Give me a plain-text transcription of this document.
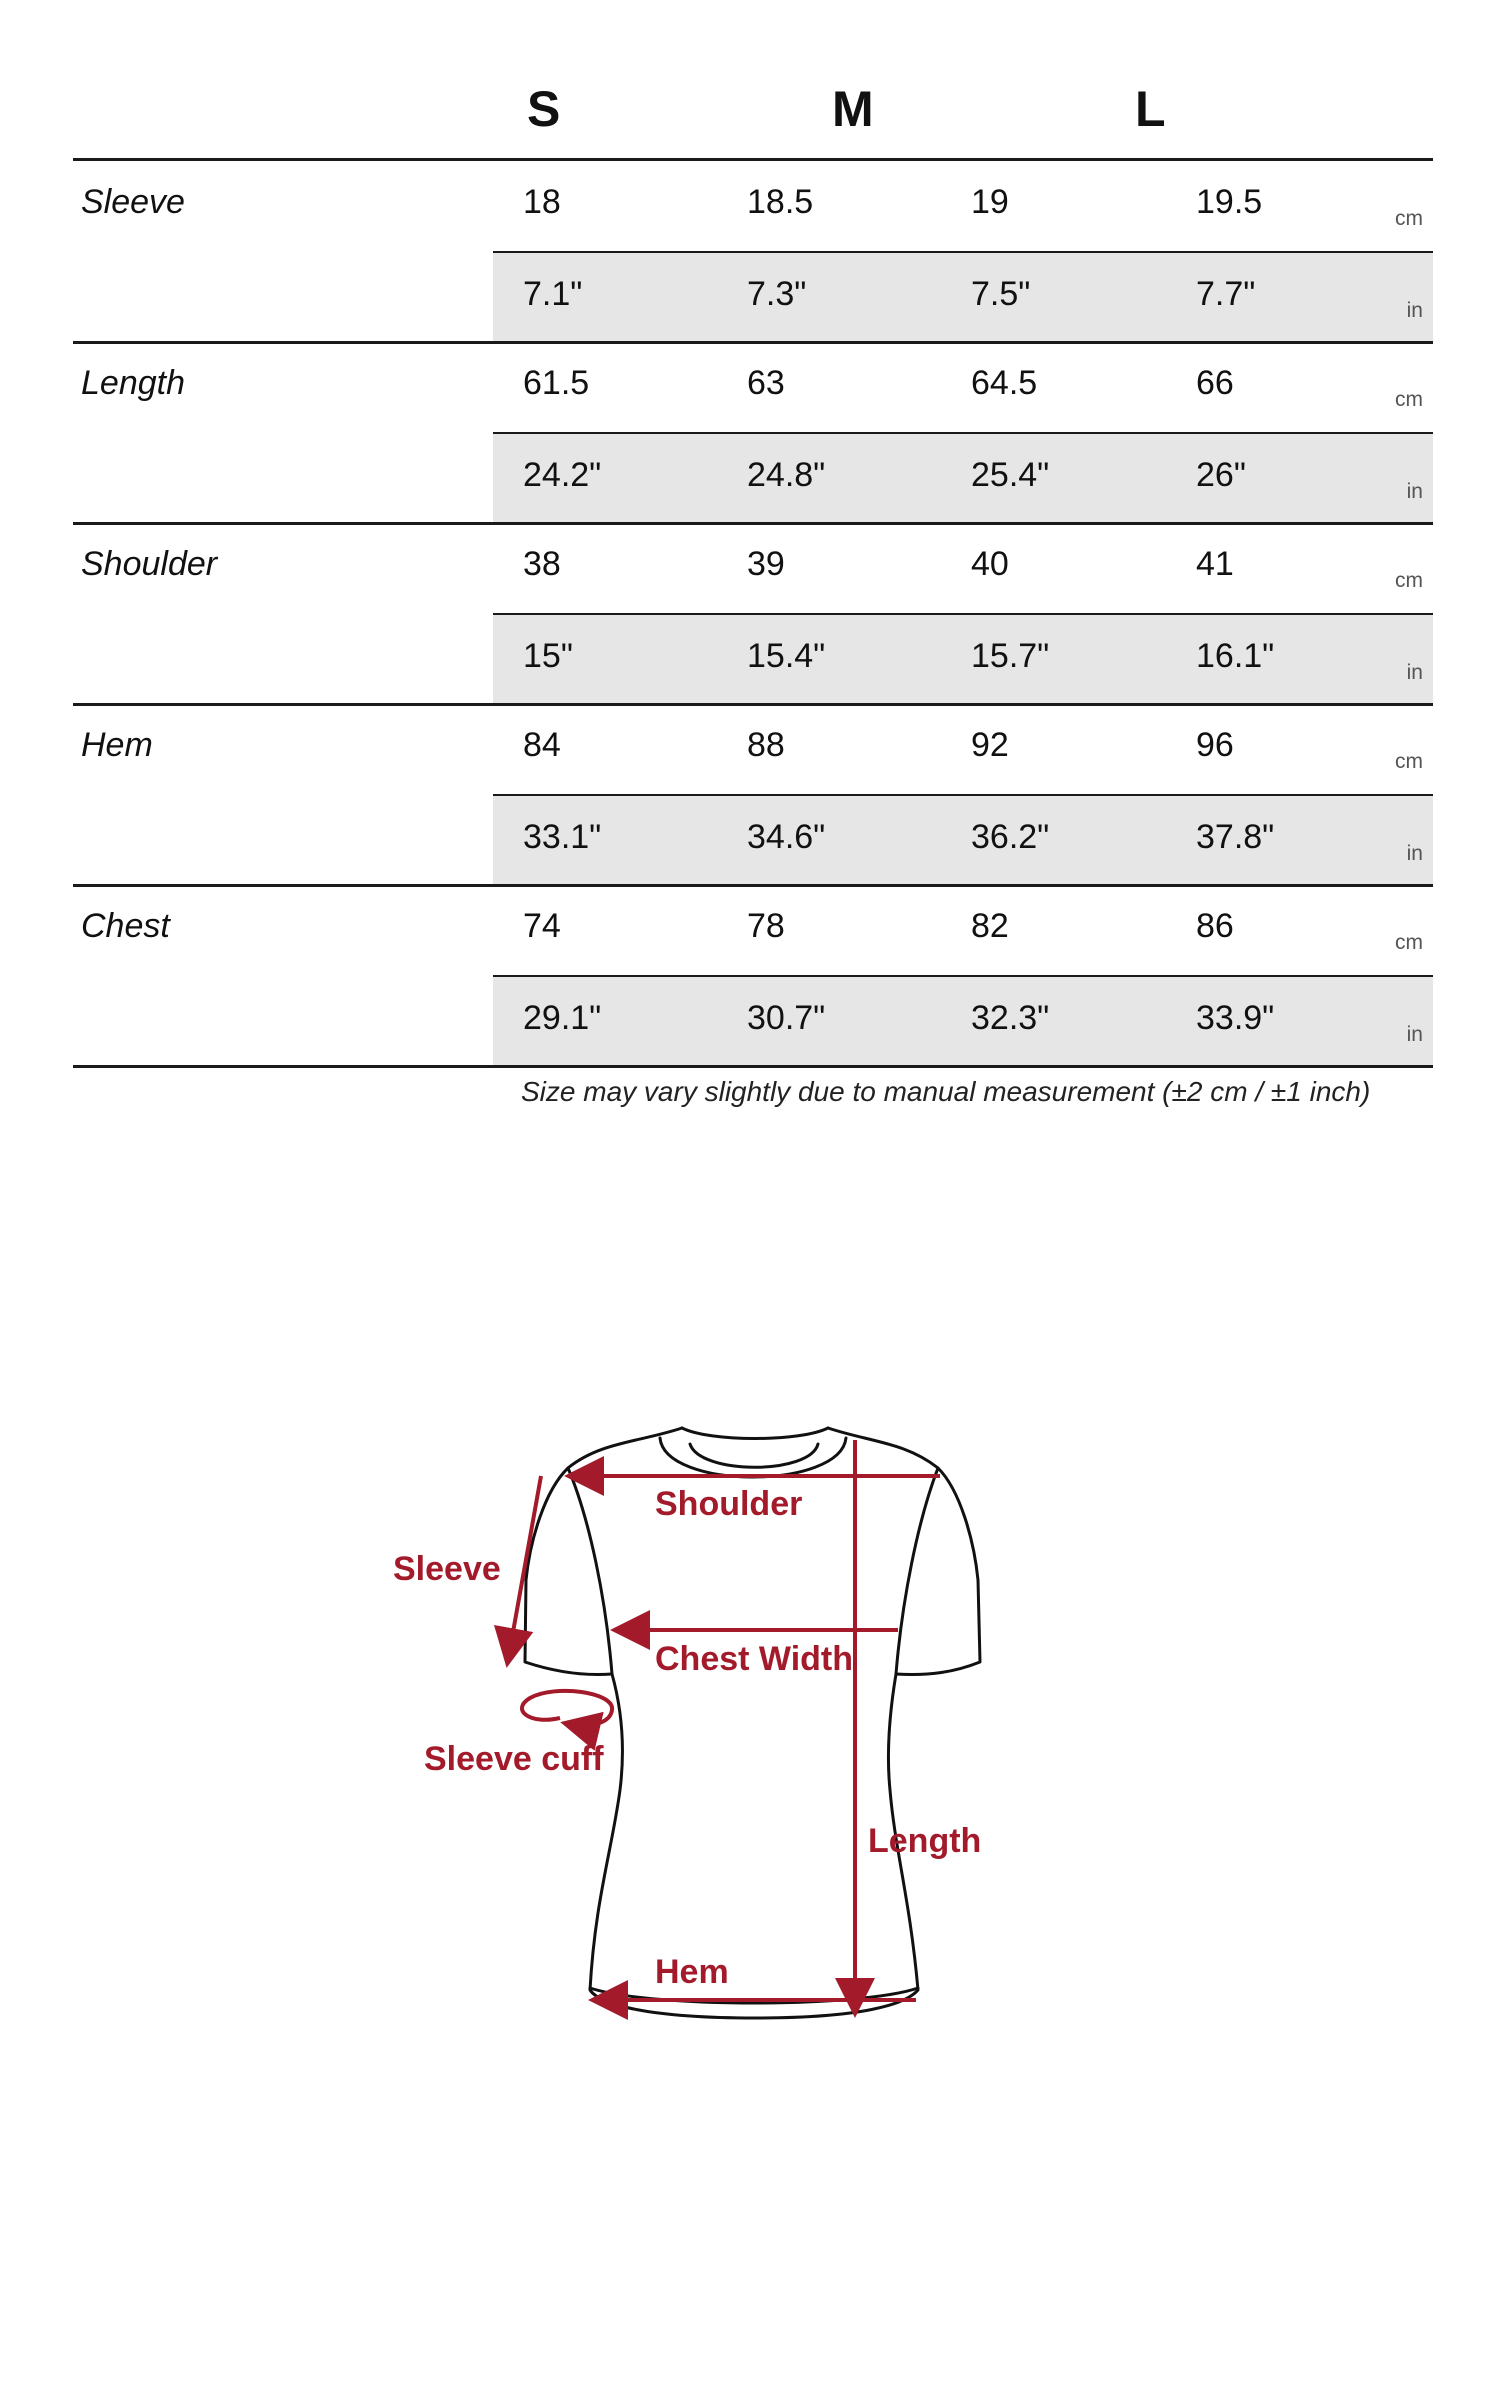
S	M	L
Sleeve	18	18.5	19	19.5	cm
7.1"	7.3"	7.5"	7.7"	in
Length	61.5	63	64.5	66	cm
24.2"	24.8"	25.4"	26"	in
Shoulder	38	39	40	41	cm
15"	15.4"	15.7"	16.1"	in
Hem	84	88	92	96	cm
33.1"	34.6"	36.2"	37.8"	in
Chest	74	78	82	86	cm
29.1"	30.7"	32.3"	33.9"	in
Size may vary slightly due to manual measurement (±2 cm / ±1 inch)
Shoulder
Sleeve
Chest Width
Sleeve cuff
Length
Hem
